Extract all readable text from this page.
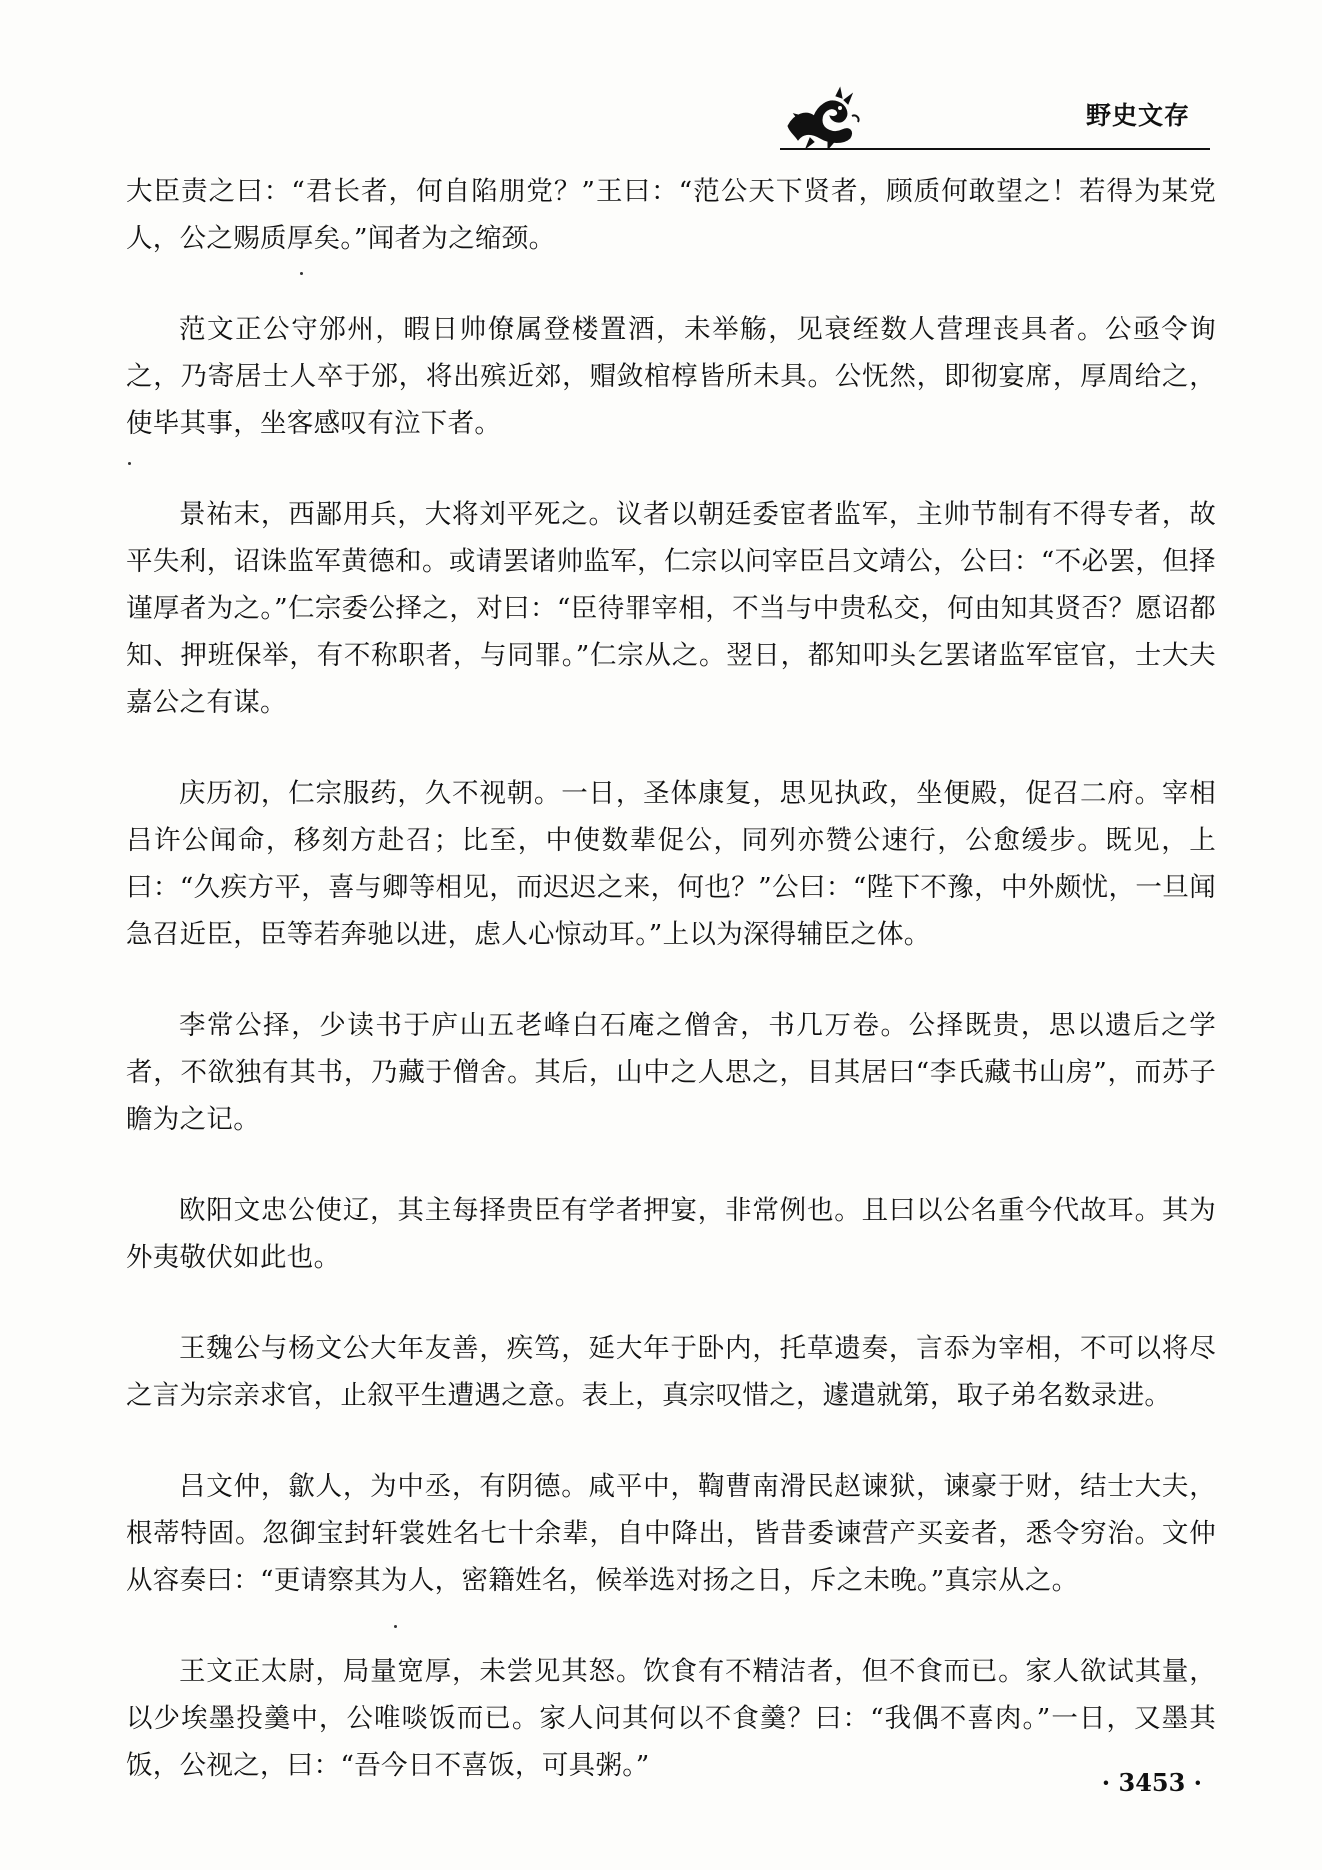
野史文存

大臣责之曰：“君长者，何自陷朋党？”王曰：“范公天下贤者，顾质何敢望之！若得为某党人，公之赐质厚矣。”闻者为之缩颈。

范文正公守邠州，暇日帅僚属登楼置酒，未举觞，见衰绖数人营理丧具者。公亟令询之，乃寄居士人卒于邠，将出殡近郊，赗敛棺椁皆所未具。公怃然，即彻宴席，厚周给之，使毕其事，坐客感叹有泣下者。

景祐末，西鄙用兵，大将刘平死之。议者以朝廷委宦者监军，主帅节制有不得专者，故平失利，诏诛监军黄德和。或请罢诸帅监军，仁宗以问宰臣吕文靖公，公曰：“不必罢，但择谨厚者为之。”仁宗委公择之，对曰：“臣待罪宰相，不当与中贵私交，何由知其贤否？愿诏都知、押班保举，有不称职者，与同罪。”仁宗从之。翌日，都知叩头乞罢诸监军宦官，士大夫嘉公之有谋。

庆历初，仁宗服药，久不视朝。一日，圣体康复，思见执政，坐便殿，促召二府。宰相吕许公闻命，移刻方赴召；比至，中使数辈促公，同列亦赞公速行，公愈缓步。既见，上曰：“久疾方平，喜与卿等相见，而迟迟之来，何也？”公曰：“陛下不豫，中外颇忧，一旦闻急召近臣，臣等若奔驰以进，虑人心惊动耳。”上以为深得辅臣之体。

李常公择，少读书于庐山五老峰白石庵之僧舍，书几万卷。公择既贵，思以遗后之学者，不欲独有其书，乃藏于僧舍。其后，山中之人思之，目其居曰“李氏藏书山房”，而苏子瞻为之记。

欧阳文忠公使辽，其主每择贵臣有学者押宴，非常例也。且曰以公名重今代故耳。其为外夷敬伏如此也。

王魏公与杨文公大年友善，疾笃，延大年于卧内，托草遗奏，言忝为宰相，不可以将尽之言为宗亲求官，止叙平生遭遇之意。表上，真宗叹惜之，遽遣就第，取子弟名数录进。

吕文仲，歙人，为中丞，有阴德。咸平中，鞫曹南滑民赵谏狱，谏豪于财，结士大夫，根蒂特固。忽御宝封轩裳姓名七十余辈，自中降出，皆昔委谏营产买妾者，悉令穷治。文仲从容奏曰：“更请察其为人，密籍姓名，候举选对扬之日，斥之未晚。”真宗从之。

王文正太尉，局量宽厚，未尝见其怒。饮食有不精洁者，但不食而已。家人欲试其量，以少埃墨投羹中，公唯啖饭而已。家人问其何以不食羹？曰：“我偶不喜肉。”一日，又墨其饭，公视之，曰：“吾今日不喜饭，可具粥。”

· 3453 ·
